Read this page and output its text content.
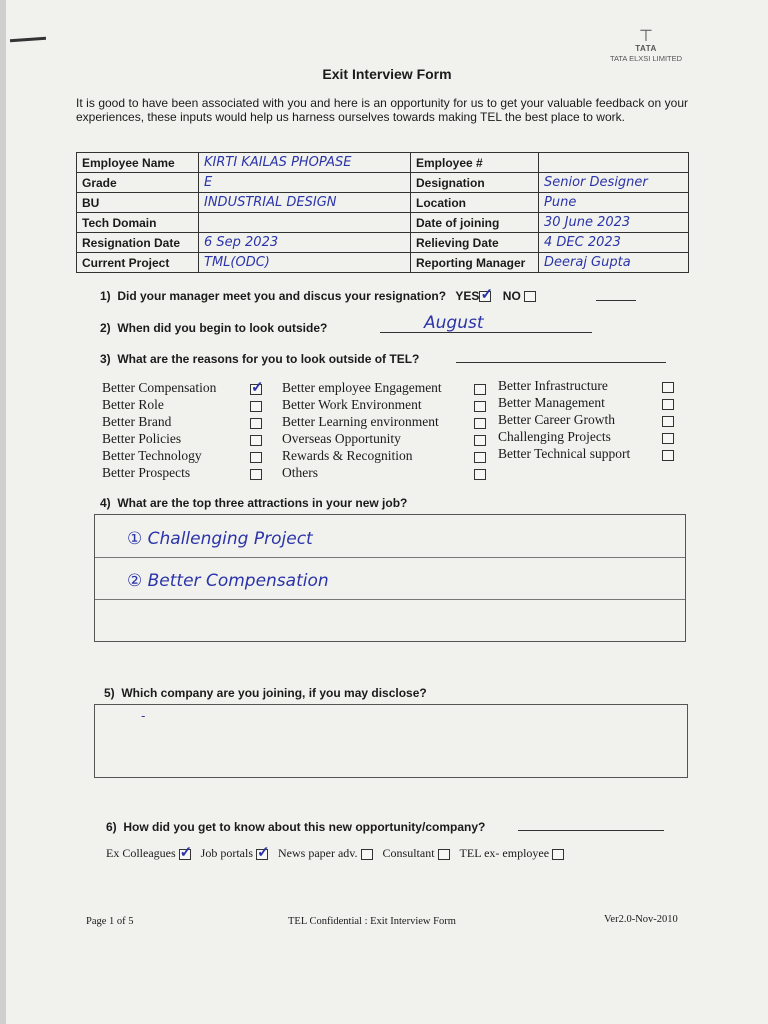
⊤
TATA
TATA ELXSI LIMITED
Exit Interview Form
It is good to have been associated with you and here is an opportunity for us to get your valuable feedback on your experiences, these inputs would help us harness ourselves towards making TEL the best place to work.
Employee Name	KIRTI KAILAS PHOPASE	Employee #	
Grade	E	Designation	Senior Designer
BU	INDUSTRIAL DESIGN	Location	Pune
Tech Domain		Date of joining	30 June 2023
Resignation Date	6 Sep 2023	Relieving Date	4 DEC 2023
Current Project	TML(ODC)	Reporting Manager	Deeraj Gupta
1)  Did your manager meet you and discus your resignation? YES ✓ NO
2)  When did you begin to look outside?	August
3)  What are the reasons for you to look outside of TEL?
Better Compensation
✓
Better Role
Better Brand
Better Policies
Better Technology
Better Prospects
Better employee Engagement
Better Work Environment
Better Learning environment
Overseas Opportunity
Rewards & Recognition
Others
Better Infrastructure
Better Management
Better Career Growth
Challenging Projects
Better Technical support
4)  What are the top three attractions in your new job?
① Challenging Project
② Better Compensation
5)  Which company are you joining, if you may disclose?
-
6)  How did you get to know about this new opportunity/company?
Ex Colleagues ✓ Job portals ✓ News paper adv. Consultant TEL ex- employee
Page 1 of 5	TEL Confidential : Exit Interview Form	Ver2.0-Nov-2010
